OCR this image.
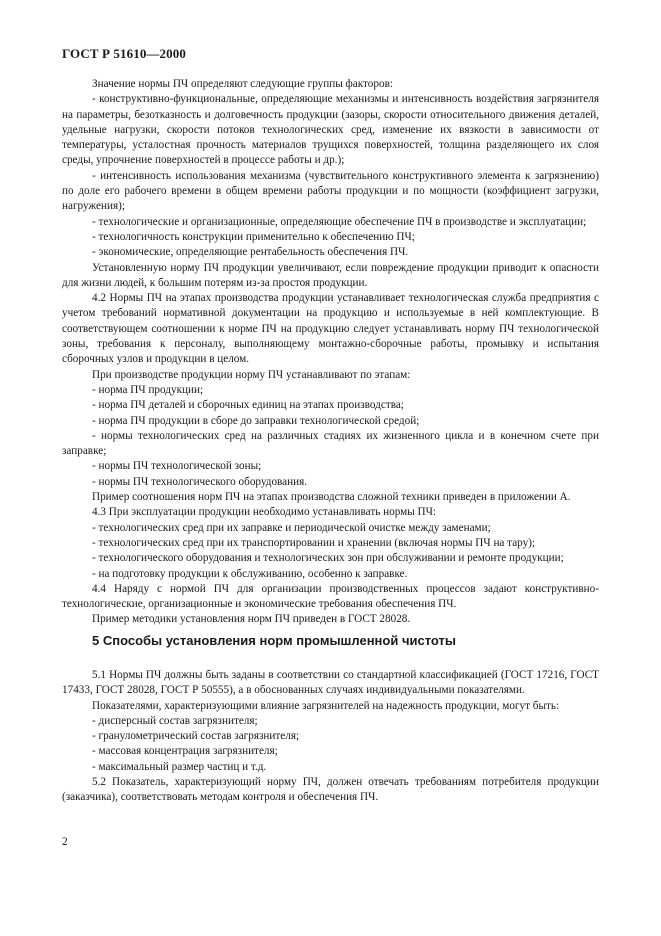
ГОСТ Р 51610—2000

Значение нормы ПЧ определяют следующие группы факторов:

- конструктивно-функциональные, определяющие механизмы и интенсивность воздействия загрязнителя на параметры, безотказность и долговечность продукции (зазоры, скорости относительного движения деталей, удельные нагрузки, скорости потоков технологических сред, изменение их вязкости в зависимости от температуры, усталостная прочность материалов трущихся поверхностей, толщина разделяющего их слоя среды, упрочнение поверхностей в процессе работы и др.);

- интенсивность использования механизма (чувствительного конструктивного элемента к загрязнению) по доле его рабочего времени в общем времени работы продукции и по мощности (коэффициент загрузки, нагружения);

- технологические и организационные, определяющие обеспечение ПЧ в производстве и эксплуатации;

- технологичность конструкции применительно к обеспечению ПЧ;

- экономические, определяющие рентабельность обеспечения ПЧ.

Установленную норму ПЧ продукции увеличивают, если повреждение продукции приводит к опасности для жизни людей, к большим потерям из-за простоя продукции.

4.2 Нормы ПЧ на этапах производства продукции устанавливает технологическая служба предприятия с учетом требований нормативной документации на продукцию и используемые в ней комплектующие. В соответствующем соотношении к норме ПЧ на продукцию следует устанавливать норму ПЧ технологической зоны, требования к персоналу, выполняющему монтажно-сборочные работы, промывку и испытания сборочных узлов и продукции в целом.

При производстве продукции норму ПЧ устанавливают по этапам:

- норма ПЧ продукции;

- норма ПЧ деталей и сборочных единиц на этапах производства;

- норма ПЧ продукции в сборе до заправки технологической средой;

- нормы технологических сред на различных стадиях их жизненного цикла и в конечном счете при заправке;

- нормы ПЧ технологической зоны;

- нормы ПЧ технологического оборудования.

Пример соотношения норм ПЧ на этапах производства сложной техники приведен в приложении А.

4.3 При эксплуатации продукции необходимо устанавливать нормы ПЧ:

- технологических сред при их заправке и периодической очистке между заменами;

- технологических сред при их транспортировании и хранении (включая нормы ПЧ на тару);

- технологического оборудования и технологических зон при обслуживании и ремонте продукции;

- на подготовку продукции к обслуживанию, особенно к заправке.

4.4 Наряду с нормой ПЧ для организации производственных процессов задают конструктивно-технологические, организационные и экономические требования обеспечения ПЧ.

Пример методики установления норм ПЧ приведен в ГОСТ 28028.

5 Способы установления норм промышленной чистоты

5.1 Нормы ПЧ должны быть заданы в соответствии со стандартной классификацией (ГОСТ 17216, ГОСТ 17433, ГОСТ 28028, ГОСТ Р 50555), а в обоснованных случаях индивидуальными показателями.

Показателями, характеризующими влияние загрязнителей на надежность продукции, могут быть:

- дисперсный состав загрязнителя;

- гранулометрический состав загрязнителя;

- массовая концентрация загрязнителя;

- максимальный размер частиц и т.д.

5.2 Показатель, характеризующий норму ПЧ, должен отвечать требованиям потребителя продукции (заказчика), соответствовать методам контроля и обеспечения ПЧ.

2
